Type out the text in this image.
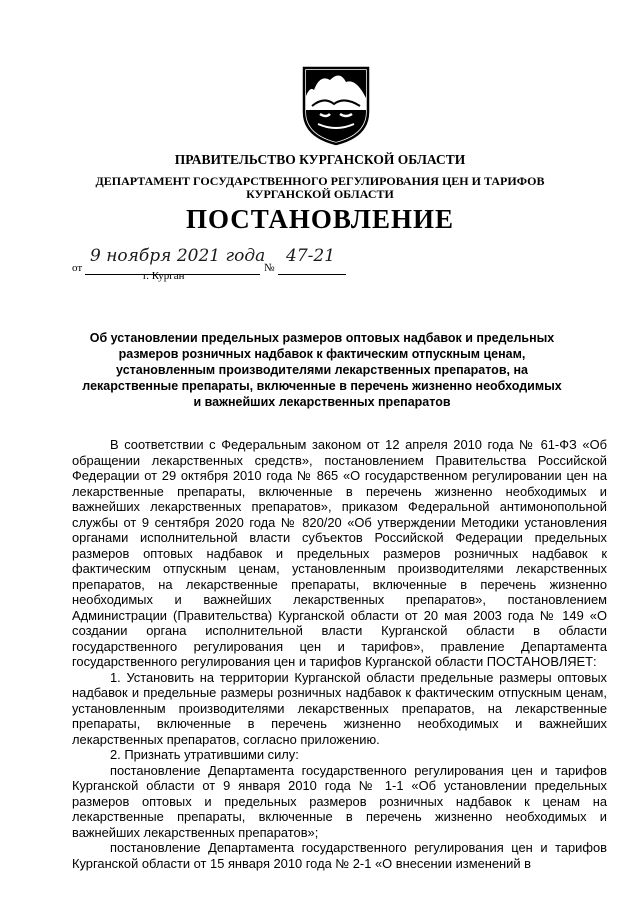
ПРАВИТЕЛЬСТВО КУРГАНСКОЙ ОБЛАСТИ
ДЕПАРТАМЕНТ ГОСУДАРСТВЕННОГО РЕГУЛИРОВАНИЯ ЦЕН И ТАРИФОВ
КУРГАНСКОЙ ОБЛАСТИ
ПОСТАНОВЛЕНИЕ
от
9 ноября 2021 года
№
47-21
г. Курган
Об установлении предельных размеров оптовых надбавок и предельных размеров розничных надбавок к фактическим отпускным ценам, установленным производителями лекарственных препаратов, на лекарственные препараты, включенные в перечень жизненно необходимых и важнейших лекарственных препаратов

В соответствии с Федеральным законом от 12 апреля 2010 года № 61-ФЗ «Об обращении лекарственных средств», постановлением Правительства Российской Федерации от 29 октября 2010 года № 865 «О государственном регулировании цен на лекарственные препараты, включенные в перечень жизненно необходимых и важнейших лекарственных препаратов», приказом Федеральной антимонопольной службы от 9 сентября 2020 года № 820/20 «Об утверждении Методики установления органами исполнительной власти субъектов Российской Федерации предельных размеров оптовых надбавок и предельных размеров розничных надбавок к фактическим отпускным ценам, установленным производителями лекарственных препаратов, на лекарственные препараты, включенные в перечень жизненно необходимых и важнейших лекарственных препаратов», постановлением Администрации (Правительства) Курганской области от 20 мая 2003 года № 149 «О создании органа исполнительной власти Курганской области в области государственного регулирования цен и тарифов», правление Департамента государственного регулирования цен и тарифов Курганской области ПОСТАНОВЛЯЕТ:

1. Установить на территории Курганской области предельные размеры оптовых надбавок и предельные размеры розничных надбавок к фактическим отпускным ценам, установленным производителями лекарственных препаратов, на лекарственные препараты, включенные в перечень жизненно необходимых и важнейших лекарственных препаратов, согласно приложению.

2. Признать утратившими силу:

постановление Департамента государственного регулирования цен и тарифов Курганской области от 9 января 2010 года № 1-1 «Об установлении предельных размеров оптовых и предельных размеров розничных надбавок к ценам на лекарственные препараты, включенные в перечень жизненно необходимых и важнейших лекарственных препаратов»;

постановление Департамента государственного регулирования цен и тарифов Курганской области от 15 января 2010 года № 2-1 «О внесении изменений в
